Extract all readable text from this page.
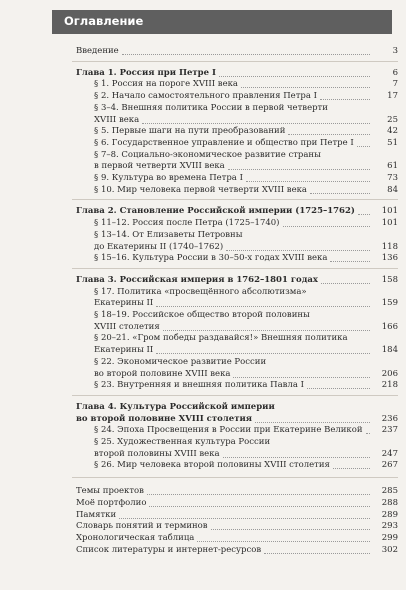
Оглавление
Введение	3
Глава 1. Россия при Петре I	6
§ 1. Россия на пороге XVIII века	7
§ 2. Начало самостоятельного правления Петра I	17
§ 3–4. Внешняя политика России в первой четверти
XVIII века	25
§ 5. Первые шаги на пути преобразований	42
§ 6. Государственное управление и общество при Петре I	51
§ 7–8. Социально-экономическое развитие страны
в первой четверти XVIII века	61
§ 9. Культура во времена Петра I	73
§ 10. Мир человека первой четверти XVIII века	84
Глава 2. Становление Российской империи (1725–1762)	101
§ 11–12. Россия после Петра (1725–1740)	101
§ 13–14. От Елизаветы Петровны
до Екатерины II (1740–1762)	118
§ 15–16. Культура России в 30–50-х годах XVIII века	136
Глава 3. Российская империя в 1762–1801 годах	158
§ 17. Политика «просвещённого абсолютизма»
Екатерины II	159
§ 18–19. Российское общество второй половины
XVIII столетия	166
§ 20–21. «Гром победы раздавайся!» Внешняя политика
Екатерины II	184
§ 22. Экономическое развитие России
во второй половине XVIII века	206
§ 23. Внутренняя и внешняя политика Павла I	218
Глава 4. Культура Российской империи
во второй половине XVIII столетия	236
§ 24. Эпоха Просвещения в России при Екатерине Великой	237
§ 25. Художественная культура России
второй половины XVIII века	247
§ 26. Мир человека второй половины XVIII столетия	267
Темы проектов	285
Моё портфолио	288
Памятки	289
Словарь понятий и терминов	293
Хронологическая таблица	299
Список литературы и интернет-ресурсов	302
